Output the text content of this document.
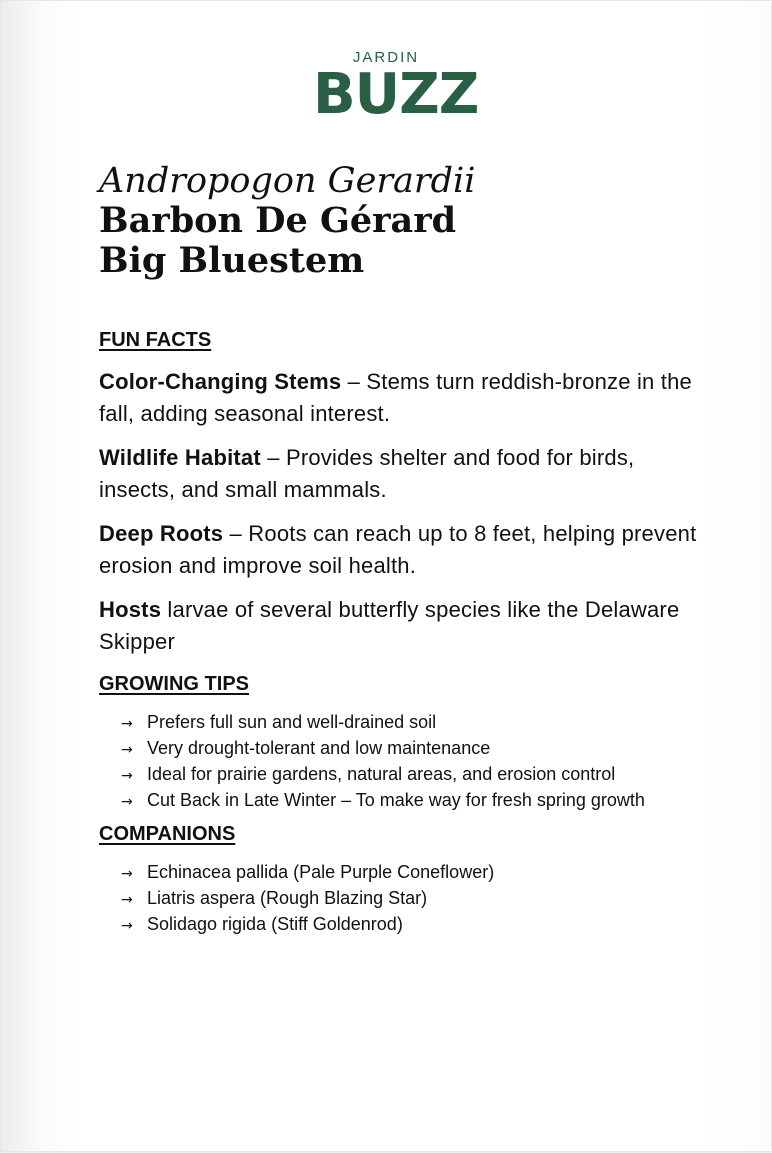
JARDIN
BUZZ

Andropogon Gerardii

Barbon De Gérard

Big Bluestem

FUN FACTS

Color-Changing Stems – Stems turn reddish-bronze in the fall, adding seasonal interest.

Wildlife Habitat – Provides shelter and food for birds, insects, and small mammals.

Deep Roots – Roots can reach up to 8 feet, helping prevent erosion and improve soil health.

Hosts larvae of several butterfly species like the Delaware Skipper

GROWING TIPS
→ Prefers full sun and well-drained soil
→ Very drought-tolerant and low maintenance
→ Ideal for prairie gardens, natural areas, and erosion control
→ Cut Back in Late Winter – To make way for fresh spring growth
COMPANIONS
→ Echinacea pallida (Pale Purple Coneflower)
→ Liatris aspera (Rough Blazing Star)
→ Solidago rigida (Stiff Goldenrod)
